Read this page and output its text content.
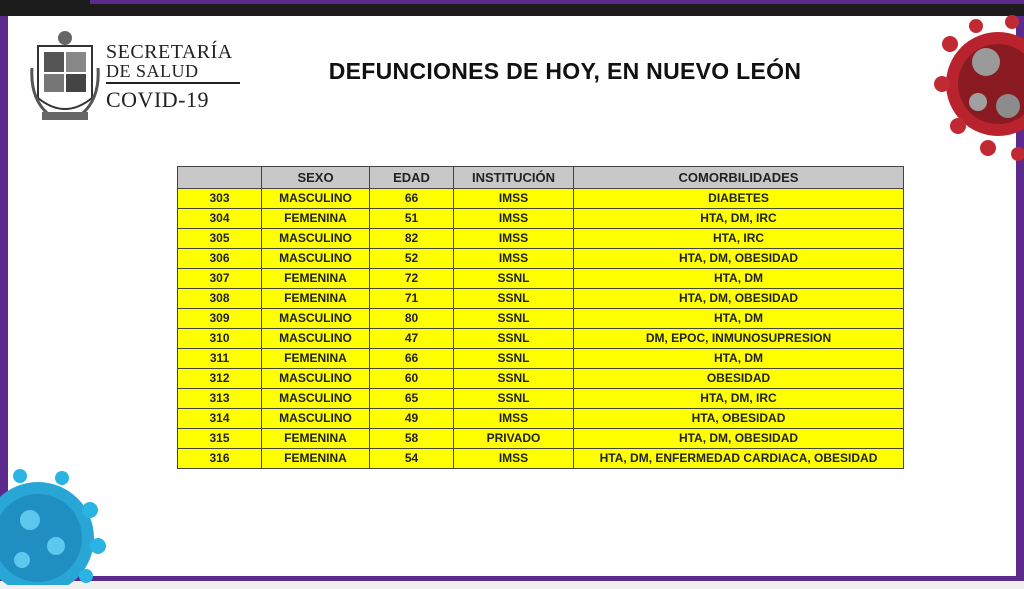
SECRETARÍA
DE SALUD
COVID-19
DEFUNCIONES DE HOY, EN NUEVO LEÓN
	SEXO	EDAD	INSTITUCIÓN	COMORBILIDADES
303	MASCULINO	66	IMSS	DIABETES
304	FEMENINA	51	IMSS	HTA, DM, IRC
305	MASCULINO	82	IMSS	HTA, IRC
306	MASCULINO	52	IMSS	HTA, DM, OBESIDAD
307	FEMENINA	72	SSNL	HTA, DM
308	FEMENINA	71	SSNL	HTA, DM, OBESIDAD
309	MASCULINO	80	SSNL	HTA, DM
310	MASCULINO	47	SSNL	DM, EPOC, INMUNOSUPRESION
311	FEMENINA	66	SSNL	HTA, DM
312	MASCULINO	60	SSNL	OBESIDAD
313	MASCULINO	65	SSNL	HTA, DM, IRC
314	MASCULINO	49	IMSS	HTA, OBESIDAD
315	FEMENINA	58	PRIVADO	HTA, DM, OBESIDAD
316	FEMENINA	54	IMSS	HTA, DM, ENFERMEDAD CARDIACA, OBESIDAD
